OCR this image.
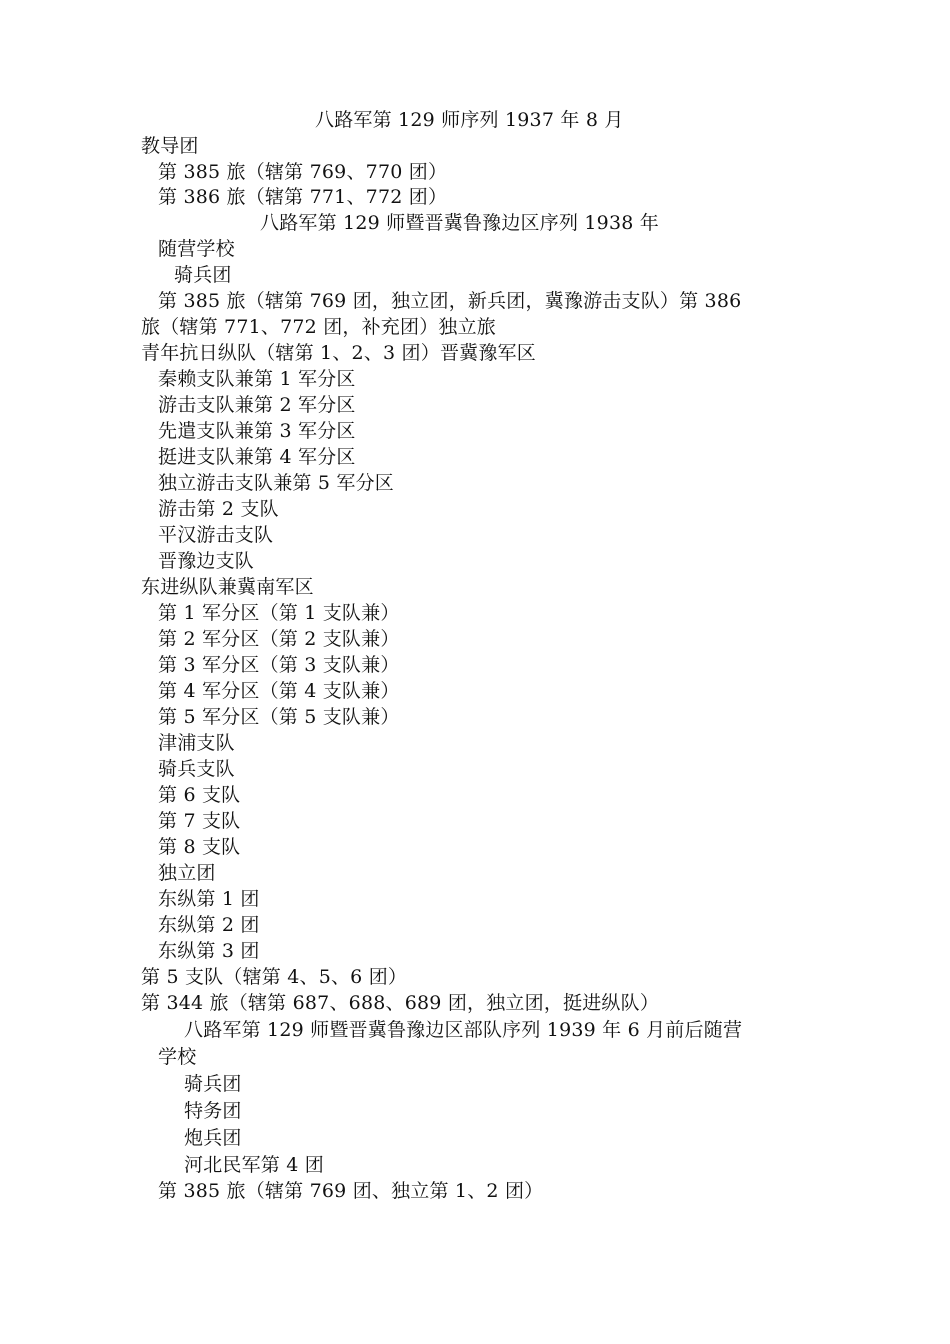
八路军第 129 师序列 1937 年 8 月
教导团
第 385 旅（辖第 769、770 团）
第 386 旅（辖第 771、772 团）
八路军第 129 师暨晋冀鲁豫边区序列 1938 年
随营学校
骑兵团
第 385 旅（辖第 769 团，独立团，新兵团，冀豫游击支队）第 386
旅（辖第 771、772 团，补充团）独立旅
青年抗日纵队（辖第 1、2、3 团）晋冀豫军区
秦赖支队兼第 1 军分区
游击支队兼第 2 军分区
先遣支队兼第 3 军分区
挺进支队兼第 4 军分区
独立游击支队兼第 5 军分区
游击第 2 支队
平汉游击支队
晋豫边支队
东进纵队兼冀南军区
第 1 军分区（第 1 支队兼）
第 2 军分区（第 2 支队兼）
第 3 军分区（第 3 支队兼）
第 4 军分区（第 4 支队兼）
第 5 军分区（第 5 支队兼）
津浦支队
骑兵支队
第 6 支队
第 7 支队
第 8 支队
独立团
东纵第 1 团
东纵第 2 团
东纵第 3 团
第 5 支队（辖第 4、5、6 团）
第 344 旅（辖第 687、688、689 团，独立团，挺进纵队）
八路军第 129 师暨晋冀鲁豫边区部队序列 1939 年 6 月前后随营
学校
骑兵团
特务团
炮兵团
河北民军第 4 团
第 385 旅（辖第 769 团、独立第 1、2 团）
